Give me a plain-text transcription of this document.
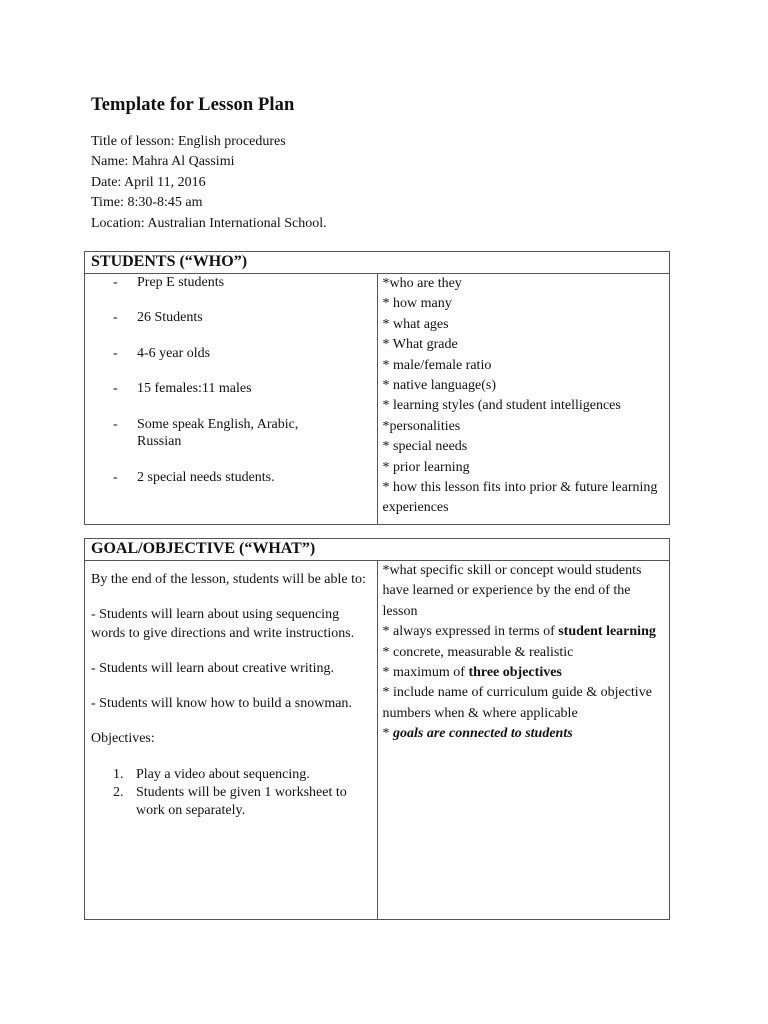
Template for Lesson Plan
Title of lesson: English procedures
Name: Mahra Al Qassimi
Date: April 11, 2016
Time: 8:30-8:45 am
Location: Australian International School.
STUDENTS (“WHO”)

- Prep E students
- 26 Students
- 4-6 year olds
- 15 females:11 males
- Some speak English, Arabic, Russian
- 2 special needs students.

*who are they
* how many
* what ages
* What grade
* male/female ratio
* native language(s)
* learning styles (and student intelligences
*personalities
* special needs
* prior learning
* how this lesson fits into prior & future learning experiences
GOAL/OBJECTIVE (“WHAT”)

By the end of the lesson, students will be able to:
- Students will learn about using sequencing words to give directions and write instructions.
- Students will learn about creative writing.
- Students will know how to build a snowman.
Objectives:
1. Play a video about sequencing.
2. Students will be given 1 worksheet to work on separately.

*what specific skill or concept would students have learned or experience by the end of the lesson
* always expressed in terms of student learning
* concrete, measurable & realistic
* maximum of three objectives
* include name of curriculum guide & objective numbers when & where applicable
* goals are connected to students
